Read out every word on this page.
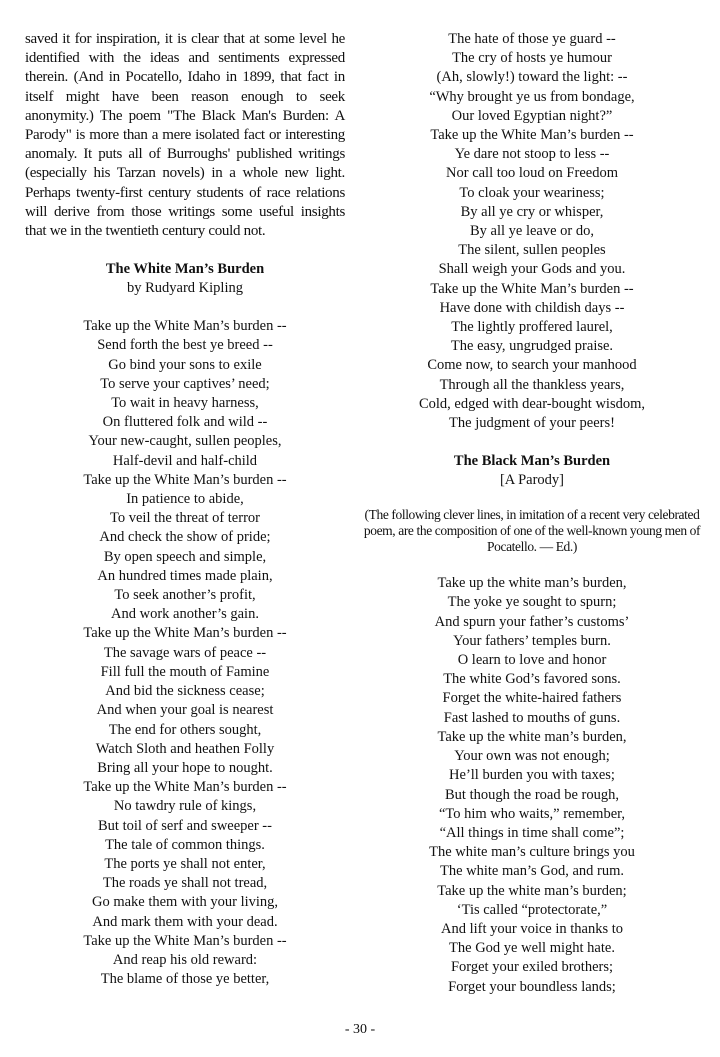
saved it for inspiration, it is clear that at some level he identified with the ideas and sentiments expressed therein. (And in Pocatello, Idaho in 1899, that fact in itself might have been reason enough to seek anonymity.) The poem "The Black Man's Burden: A Parody" is more than a mere isolated fact or interesting anomaly. It puts all of Burroughs' published writings (especially his Tarzan novels) in a whole new light. Perhaps twenty-first century students of race relations will derive from those writings some useful insights that we in the twentieth century could not.

The White Man’s Burden

by Rudyard Kipling

Take up the White Man’s burden --
Send forth the best ye breed --
Go bind your sons to exile
To serve your captives’ need;
To wait in heavy harness,
On fluttered folk and wild --
Your new-caught, sullen peoples,
Half-devil and half-child
Take up the White Man’s burden --
In patience to abide,
To veil the threat of terror
And check the show of pride;
By open speech and simple,
An hundred times made plain,
To seek another’s profit,
And work another’s gain.
Take up the White Man’s burden --
The savage wars of peace --
Fill full the mouth of Famine
And bid the sickness cease;
And when your goal is nearest
The end for others sought,
Watch Sloth and heathen Folly
Bring all your hope to nought.
Take up the White Man’s burden --
No tawdry rule of kings,
But toil of serf and sweeper --
The tale of common things.
The ports ye shall not enter,
The roads ye shall not tread,
Go make them with your living,
And mark them with your dead.
Take up the White Man’s burden --
And reap his old reward:
The blame of those ye better,
The hate of those ye guard --
The cry of hosts ye humour
(Ah, slowly!) toward the light: --
“Why brought ye us from bondage,
Our loved Egyptian night?”
Take up the White Man’s burden --
Ye dare not stoop to less --
Nor call too loud on Freedom
To cloak your weariness;
By all ye cry or whisper,
By all ye leave or do,
The silent, sullen peoples
Shall weigh your Gods and you.
Take up the White Man’s burden --
Have done with childish days --
The lightly proffered laurel,
The easy, ungrudged praise.
Come now, to search your manhood
Through all the thankless years,
Cold, edged with dear-bought wisdom,
The judgment of your peers!

The Black Man’s Burden

[A Parody]

(The following clever lines, in imitation of a recent very celebrated poem, are the composition of one of the well-known young men of Pocatello. — Ed.)

Take up the white man’s burden,
The yoke ye sought to spurn;
And spurn your father’s customs’
Your fathers’ temples burn.
O learn to love and honor
The white God’s favored sons.
Forget the white-haired fathers
Fast lashed to mouths of guns.
Take up the white man’s burden,
Your own was not enough;
He’ll burden you with taxes;
But though the road be rough,
“To him who waits,” remember,
“All things in time shall come”;
The white man’s culture brings you
The white man’s God, and rum.
Take up the white man’s burden;
‘Tis called “protectorate,”
And lift your voice in thanks to
The God ye well might hate.
Forget your exiled brothers;
Forget your boundless lands;
- 30 -
